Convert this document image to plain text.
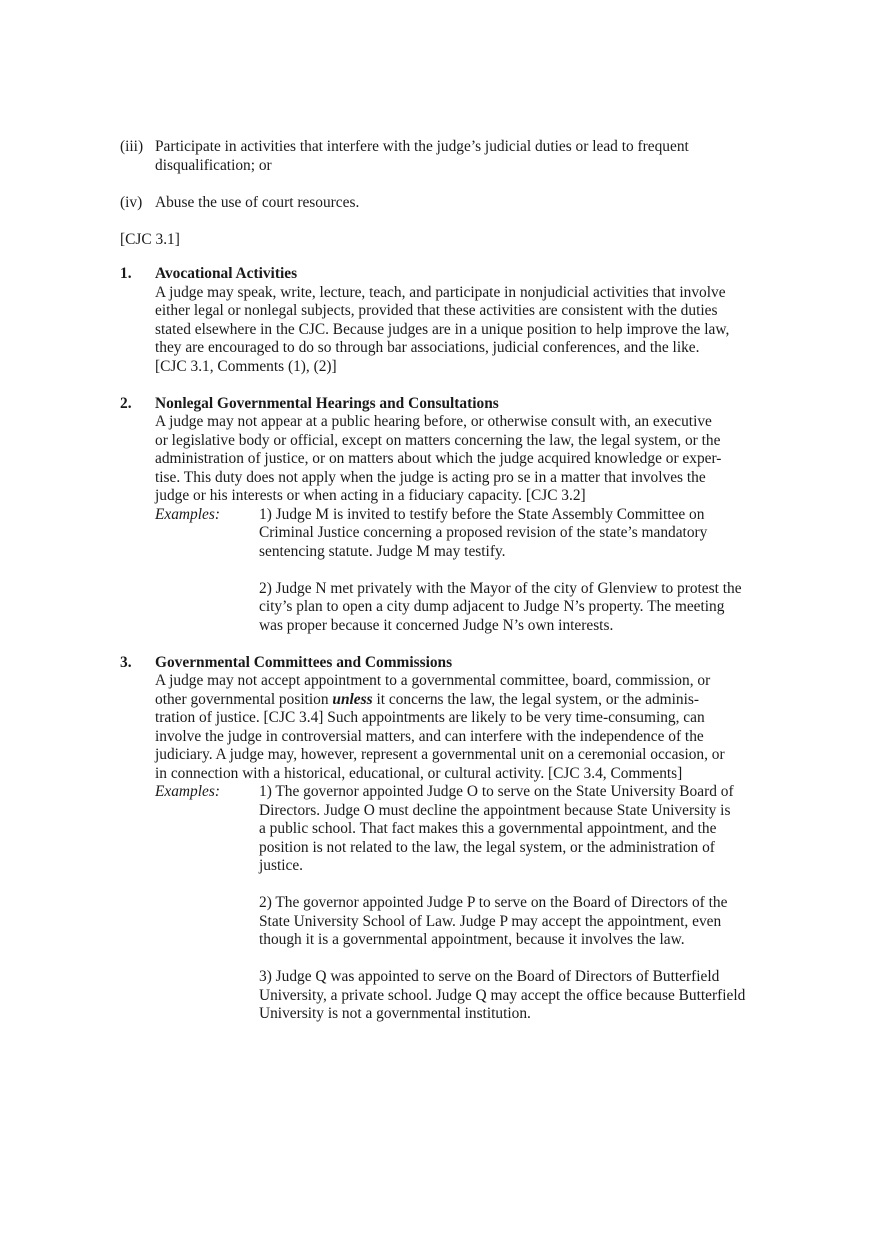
(iii) Participate in activities that interfere with the judge’s judicial duties or lead to frequent
disqualification; or
(iv) Abuse the use of court resources.
[CJC 3.1]
1. Avocational Activities
A judge may speak, write, lecture, teach, and participate in nonjudicial activities that involve
either legal or nonlegal subjects, provided that these activities are consistent with the duties
stated elsewhere in the CJC. Because judges are in a unique position to help improve the law,
they are encouraged to do so through bar associations, judicial conferences, and the like.
[CJC 3.1, Comments (1), (2)]
2. Nonlegal Governmental Hearings and Consultations
A judge may not appear at a public hearing before, or otherwise consult with, an executive
or legislative body or official, except on matters concerning the law, the legal system, or the
administration of justice, or on matters about which the judge acquired knowledge or exper-
tise. This duty does not apply when the judge is acting pro se in a matter that involves the
judge or his interests or when acting in a fiduciary capacity. [CJC 3.2]
Examples:	1) Judge M is invited to testify before the State Assembly Committee on
Criminal Justice concerning a proposed revision of the state’s mandatory
sentencing statute. Judge M may testify.
2) Judge N met privately with the Mayor of the city of Glenview to protest the
city’s plan to open a city dump adjacent to Judge N’s property. The meeting
was proper because it concerned Judge N’s own interests.
3. Governmental Committees and Commissions
A judge may not accept appointment to a governmental committee, board, commission, or
other governmental position unless it concerns the law, the legal system, or the adminis-
tration of justice. [CJC 3.4] Such appointments are likely to be very time-consuming, can
involve the judge in controversial matters, and can interfere with the independence of the
judiciary. A judge may, however, represent a governmental unit on a ceremonial occasion, or
in connection with a historical, educational, or cultural activity. [CJC 3.4, Comments]
Examples:	1) The governor appointed Judge O to serve on the State University Board of
Directors. Judge O must decline the appointment because State University is
a public school. That fact makes this a governmental appointment, and the
position is not related to the law, the legal system, or the administration of
justice.
2) The governor appointed Judge P to serve on the Board of Directors of the
State University School of Law. Judge P may accept the appointment, even
though it is a governmental appointment, because it involves the law.
3) Judge Q was appointed to serve on the Board of Directors of Butterfield
University, a private school. Judge Q may accept the office because Butterfield
University is not a governmental institution.
